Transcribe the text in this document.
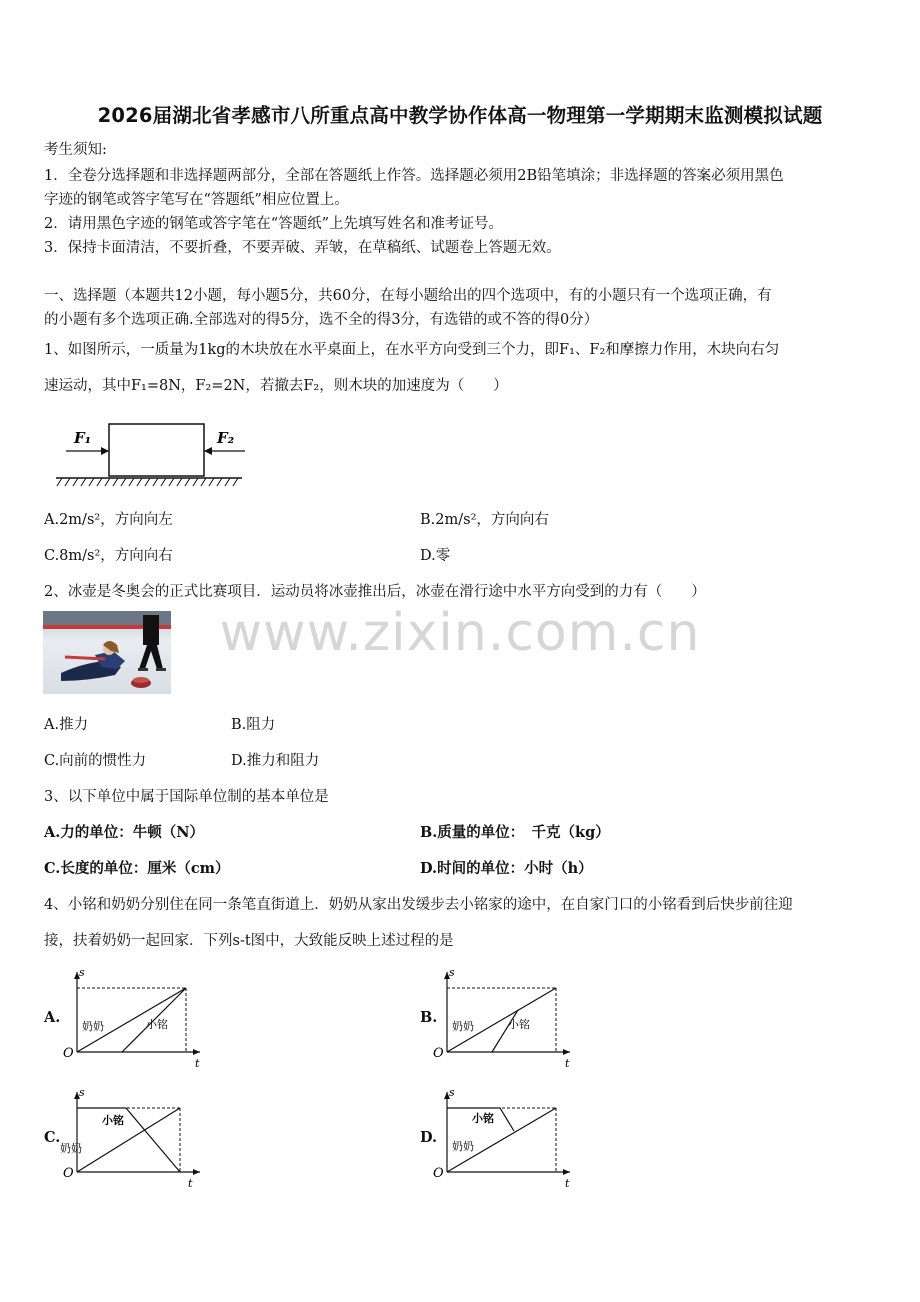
2026届湖北省孝感市八所重点高中教学协作体高一物理第一学期期末监测模拟试题
考生须知:
1．全卷分选择题和非选择题两部分，全部在答题纸上作答。选择题必须用2B铅笔填涂；非选择题的答案必须用黑色
字迹的钢笔或答字笔写在“答题纸”相应位置上。
2．请用黑色字迹的钢笔或答字笔在“答题纸”上先填写姓名和准考证号。
3．保持卡面清洁，不要折叠，不要弄破、弄皱，在草稿纸、试题卷上答题无效。
一、选择题（本题共12小题，每小题5分，共60分，在每小题给出的四个选项中，有的小题只有一个选项正确，有
的小题有多个选项正确.全部选对的得5分，选不全的得3分，有选错的或不答的得0分）
1、如图所示，一质量为1kg的木块放在水平桌面上，在水平方向受到三个力，即F₁、F₂和摩擦力作用，木块向右匀
速运动，其中F₁=8N，F₂=2N，若撤去F₂，则木块的加速度为（　　）
F₁	F₂
A.2m/s²，方向向左	B.2m/s²，方向向右
C.8m/s²，方向向右	D.零
2、冰壶是冬奥会的正式比赛项目．运动员将冰壶推出后，冰壶在滑行途中水平方向受到的力有（　　）
A.推力	B.阻力
C.向前的惯性力	D.推力和阻力
www.zixin.com.cn
3、以下单位中属于国际单位制的基本单位是
A.力的单位：牛顿（N）	B.质量的单位：　千克（kg）
C.长度的单位：厘米（cm）	D.时间的单位：小时（h）
4、小铭和奶奶分别住在同一条笔直街道上．奶奶从家出发缓步去小铭家的途中，在自家门口的小铭看到后快步前往迎
接，扶着奶奶一起回家．下列s-t图中，大致能反映上述过程的是
A.	B.
C.	D.
s
t
O
奶奶	小铭
s
t
O
奶奶	小铭
s
t
O
奶奶
小铭
s
t
O
奶奶
小铭
